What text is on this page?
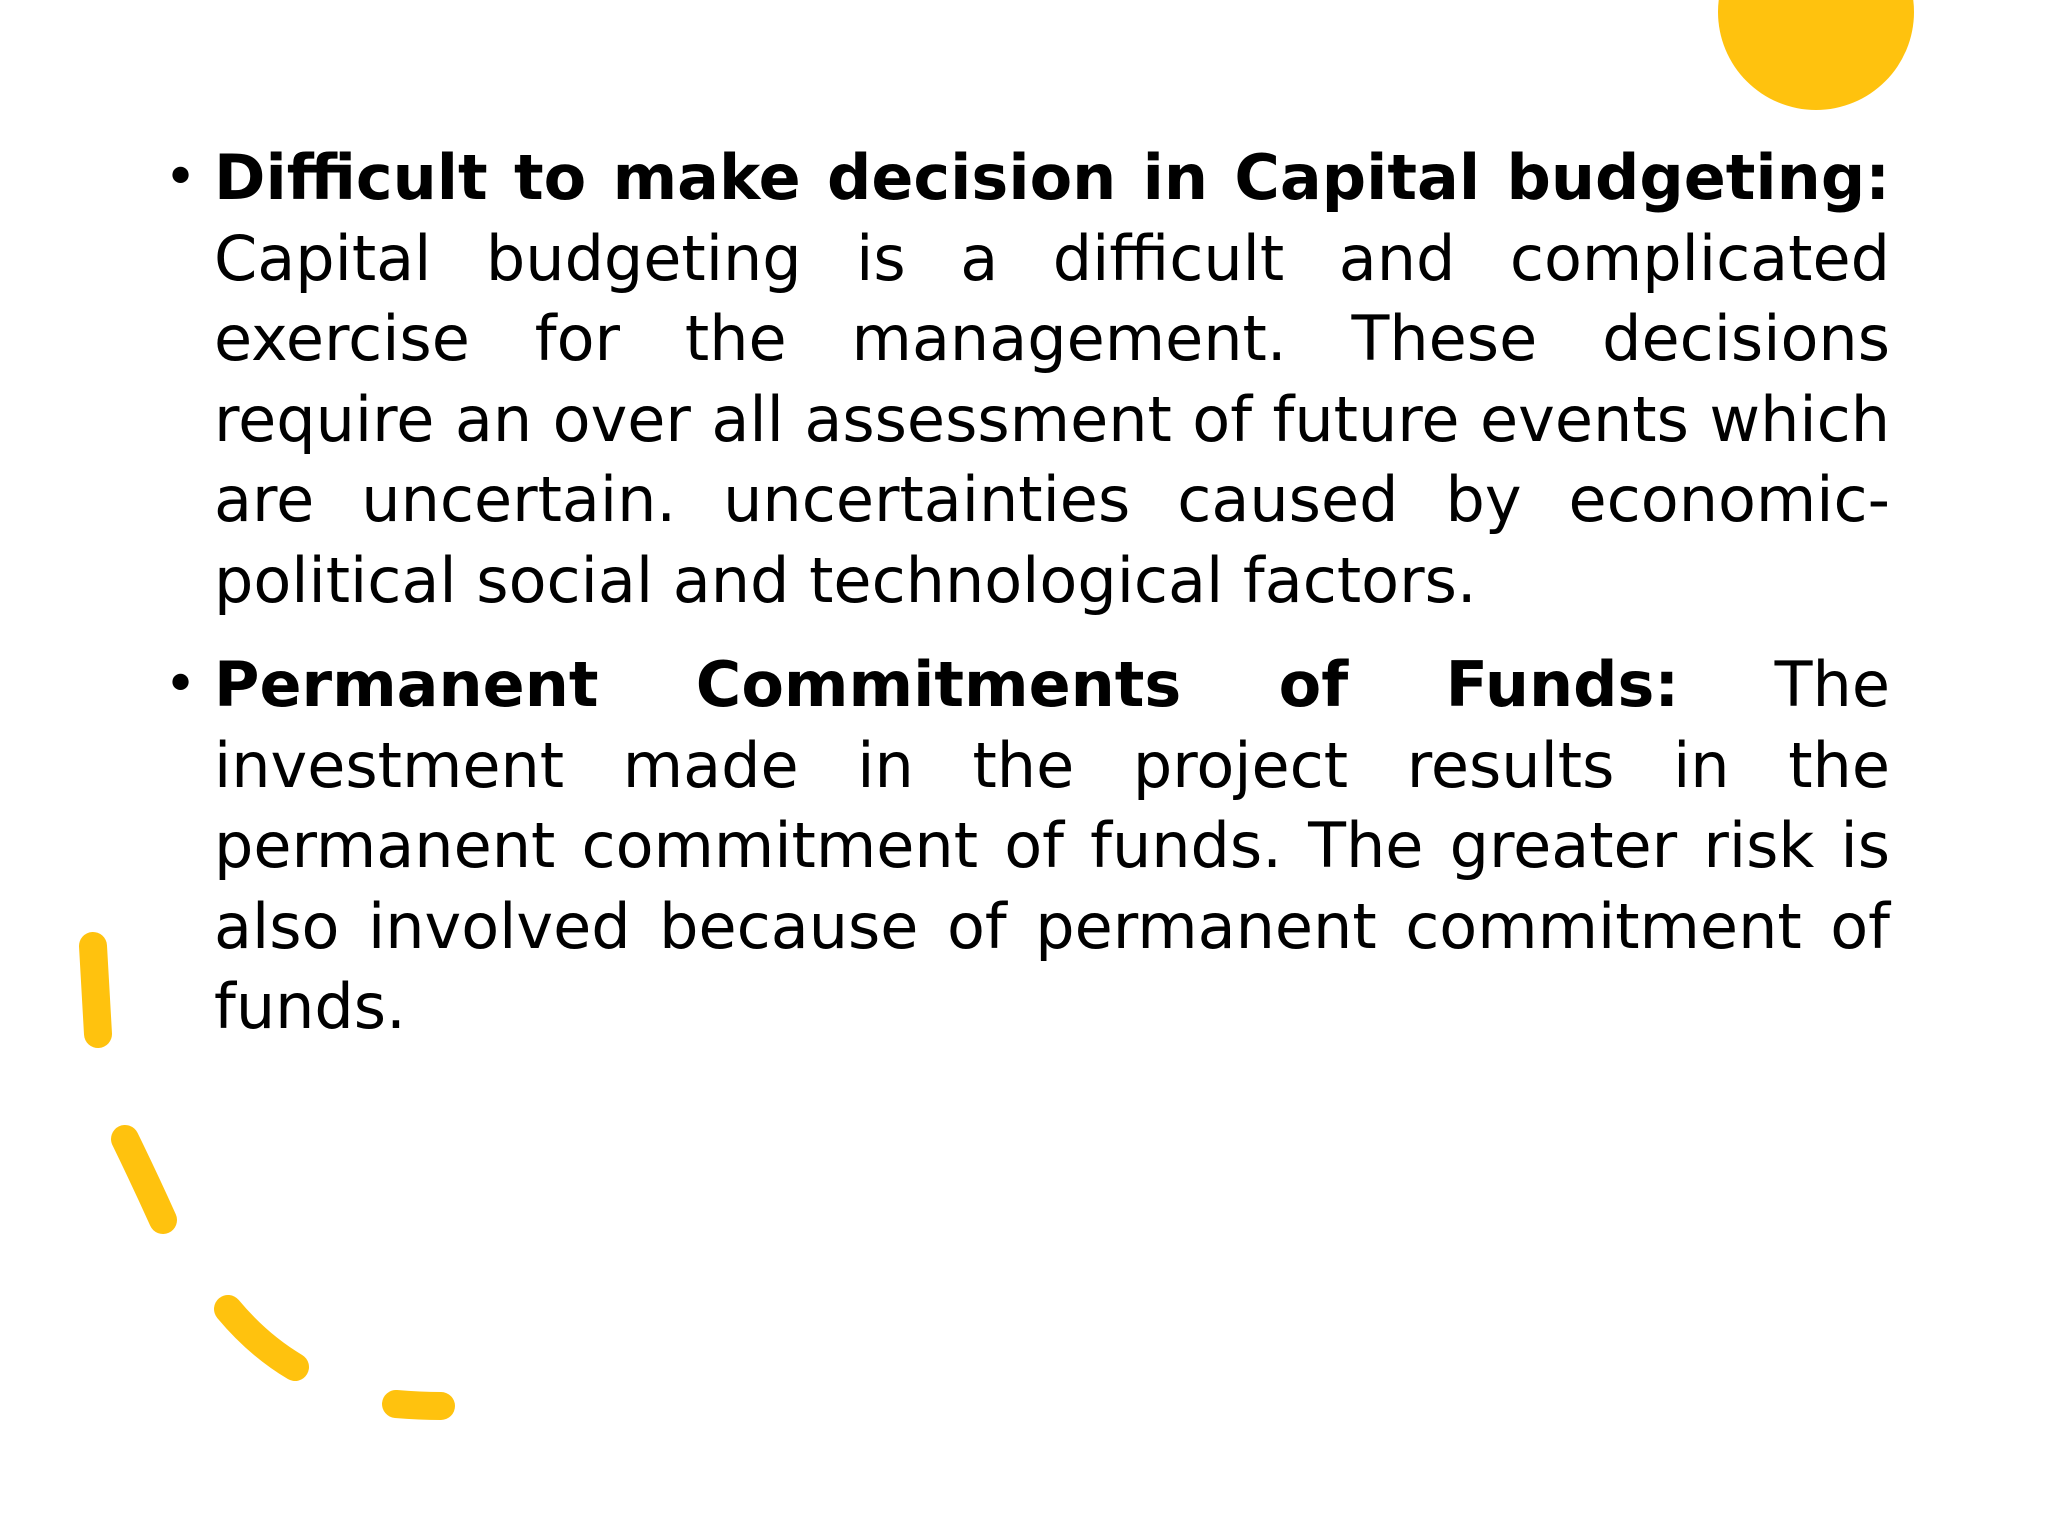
• Difficult to make decision in Capital budgeting: Capital budgeting is a difficult and complicated exercise for the management. These decisions require an over all assessment of future events which are uncertain. uncertainties caused by economic-political social and technological factors.
• Permanent Commitments of Funds: The investment made in the project results in the permanent commitment of funds. The greater risk is also involved because of permanent commitment of funds.
